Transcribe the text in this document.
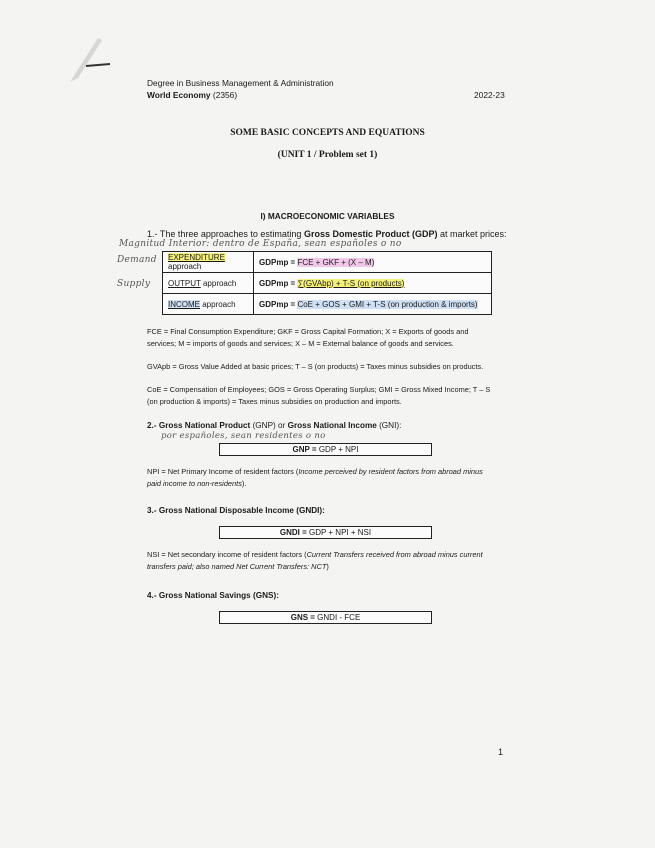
Degree in Business Management & Administration
World Economy (2356)	2022-23
SOME BASIC CONCEPTS AND EQUATIONS
(UNIT 1 / Problem set 1)
I) MACROECONOMIC VARIABLES
1.- The three approaches to estimating Gross Domestic Product (GDP) at market prices:
Magnitud Interior: dentro de España, sean españoles o no
Demand
Supply
EXPENDITURE approach	GDPmp = FCE + GKF + (X – M)
OUTPUT approach	GDPmp = ∑(GVAbp) + T-S (on products)
INCOME approach	GDPmp = CoE + GOS + GMI + T-S (on production & imports)
FCE = Final Consumption Expenditure; GKF = Gross Capital Formation; X = Exports of goods and services; M = imports of goods and services; X – M = External balance of goods and services.
GVApb = Gross Value Added at basic prices; T – S (on products) = Taxes minus subsidies on products.
CoE = Compensation of Employees; GOS = Gross Operating Surplus; GMI = Gross Mixed Income; T – S (on production & imports) = Taxes minus subsidies on production and imports.
2.- Gross National Product (GNP) or Gross National Income (GNI):
por españoles, sean residentes o no
GNP = GDP + NPI
NPI = Net Primary Income of resident factors (Income perceived by resident factors from abroad minus paid income to non-residents).
3.- Gross National Disposable Income (GNDI):
GNDI = GDP + NPI + NSI
NSI = Net secondary income of resident factors (Current Transfers received from abroad minus current transfers paid; also named Net Current Transfers: NCT)
4.- Gross National Savings (GNS):
GNS = GNDI - FCE
1
